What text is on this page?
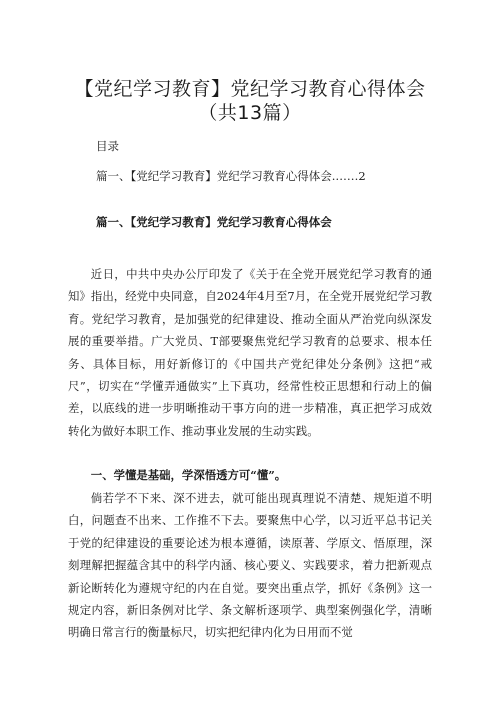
【党纪学习教育】党纪学习教育心得体会
（共13篇）
目录
篇一、【党纪学习教育】党纪学习教育心得体会.……2
篇一、【党纪学习教育】党纪学习教育心得体会

近日，中共中央办公厅印发了《关于在全党开展党纪学习教育的通知》指出，经党中央同意，自2024年4月至7月，在全党开展党纪学习教育。党纪学习教育，是加强党的纪律建设、推动全面从严治党向纵深发展的重要举措。广大党员、T部要聚焦党纪学习教育的总要求、根本任务、具体目标，用好新修订的《中国共产党纪律处分条例》这把“戒尺”，切实在“学懂弄通做实”上下真功，经常性校正思想和行动上的偏差，以底线的进一步明晰推动干事方向的进一步精准，真正把学习成效转化为做好本职工作、推动事业发展的生动实践。

一、学懂是基础，学深悟透方可“懂”。

倘若学不下来、深不进去，就可能出现真理说不清楚、规矩道不明白，问题查不出来、工作推不下去。要聚焦中心学，以习近平总书记关于党的纪律建设的重要论述为根本遵循，读原著、学原文、悟原理，深刻理解把握蕴含其中的科学内涵、核心要义、实践要求，着力把新观点新论断转化为遵规守纪的内在自觉。要突出重点学，抓好《条例》这一规定内容，新旧条例对比学、条文解析逐项学、典型案例强化学，清晰明确日常言行的衡量标尺，切实把纪律内化为日用而不觉
